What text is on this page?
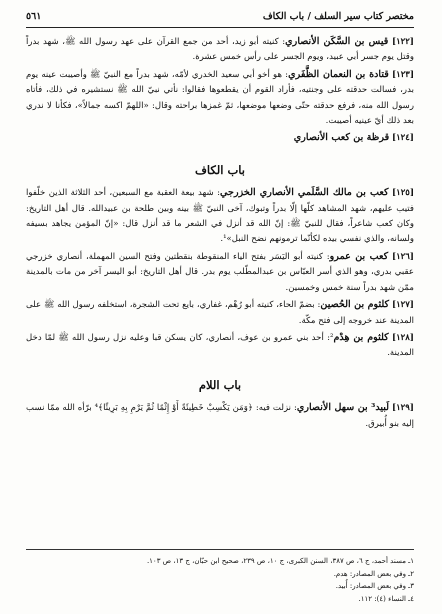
مختصر كتاب سير السلف / باب الكاف
٥٦١

[١٢٢] قيس بن السَّكَن الأنصاري: كنيته أبو زيد، أحد من جمع القرآن على عهد رسول الله ﷺ، شهد بدراً وقتل يوم جسر أبي عبيد، ويوم الجسر على رأس خمس عشرة.

[١٢٣] قتادة بن النعمان الظَّفَري: هو أخو أبي سعيد الخدري لأمّه، شهد بدراً مع النبيّ ﷺ وأصيبت عينه يوم بدر، فسالت حدقته على وجنتيه، فأراد القوم أن يقطعوها فقالوا: نأتي نبيّ الله ﷺ نستشيره في ذلك، فأتاه رسول الله منه، فرفع حدقته حتّى وضعها موضعها، ثمّ غمزها براحته وقال: «اللهمّ اكسه جمالاً»، فكأنا لا ندري بعد ذلك أيّ عينيه أصيبت.

[١٢٤] قرظة بن كعب الأنصاري

باب الكاف

[١٢٥] كعب بن مالك السَّلَمي الأنصاري الخزرجي: شهد بيعة العقبة مع السبعين، أحد الثلاثة الذين خلّفوا فتيب عليهم، شهد المشاهد كلّها إلّا بدراً وتبوك، آخى النبيّ ﷺ بينه وبين طلحة بن عبيدالله. قال أهل التاريخ: وكان كعب شاعراً، فقال للنبيّ ﷺ: إنّ الله قد أنزل في الشعر ما قد أنزل قال: «إنّ المؤمن يجاهد بسيفه ولسانه، والذي نفسي بيده لكأنّما ترمونهم نضح النبل»¹.

[١٢٦] كعب بن عمرو: كنيته أبو اليَسَر بفتح الياء المنقوطة بنقطتين وفتح السين المهملة، أنصاري خزرجي عقبي بدري، وهو الذي أسر العبّاس بن عبدالمطّلب يوم بدر. قال أهل التاريخ: أبو اليسر آخر من مات بالمدينة ممّن شهد بدراً سنة خمس وخمسين.

[١٢٧] كلثوم بن الحُصين: بضمّ الحاء، كنيته أبو رُهْم، غفاري، بايع تحت الشجرة، استخلفه رسول الله ﷺ على المدينة عند خروجه إلى فتح مكّة.

[١٢٨] كلثوم بن هِدْم²: أحد بني عمرو بن عوف، أنصاري، كان يسكن قبا وعليه نزل رسول الله ﷺ لمّا دخل المدينة.

باب اللام

[١٢٩] لَبيد³ بن سهل الأنصاري: نزلت فيه: ﴿وَمَن يَكْسِبْ خَطِيئَةً أَوْ إِثْمًا ثُمَّ يَرْمِ بِهِ بَرِيئًا﴾⁴ برّأه الله ممّا نسب إليه بنو أُبيرق.

١ـ مسند أحمد، ج ٦، ص ٣٨٧، السنن الكبرى، ج ١٠، ص ٢٣٩، صحيح ابن حبّان، ج ١٣، ص ١٠٣.
٢ـ وفي بعض المصادر: هدم.
٣ـ وفي بعض المصادر: أُبيد.
٤ـ النساء (٤): ١١٢.
